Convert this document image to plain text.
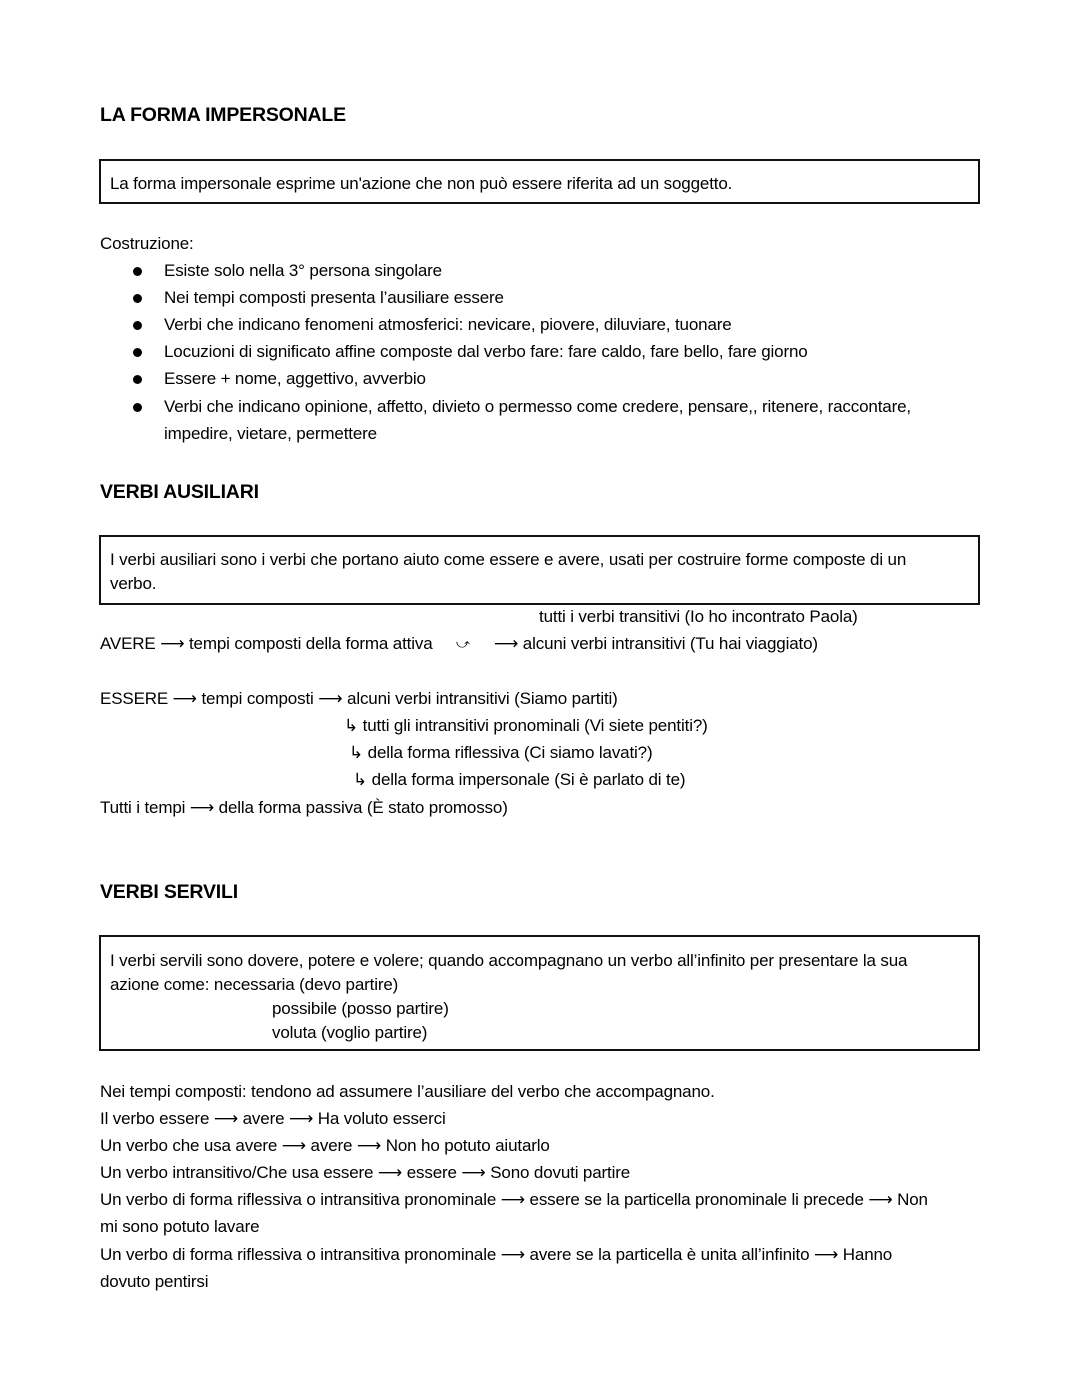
LA FORMA IMPERSONALE
La forma impersonale esprime un'azione che non può essere riferita ad un soggetto.
Costruzione:
Esiste solo nella 3° persona singolare
Nei tempi composti presenta l’ausiliare essere
Verbi che indicano fenomeni atmosferici: nevicare, piovere, diluviare, tuonare
Locuzioni di significato affine composte dal verbo fare: fare caldo, fare bello, fare giorno
Essere + nome, aggettivo, avverbio
Verbi che indicano opinione, affetto, divieto o permesso come credere, pensare,, ritenere, raccontare,
impedire, vietare, permettere
VERBI AUSILIARI
I verbi ausiliari sono i verbi che portano aiuto come essere e avere, usati per costruire forme composte di un
verbo.
tutti i verbi transitivi (Io ho incontrato Paola)
AVERE ⟶ tempi composti della forma attiva ⤻ ⟶ alcuni verbi intransitivi (Tu hai viaggiato)
ESSERE ⟶ tempi composti ⟶ alcuni verbi intransitivi (Siamo partiti)
↳ tutti gli intransitivi pronominali (Vi siete pentiti?)
↳ della forma riflessiva (Ci siamo lavati?)
↳ della forma impersonale (Si è parlato di te)
Tutti i tempi ⟶ della forma passiva (È stato promosso)
VERBI SERVILI
I verbi servili sono dovere, potere e volere; quando accompagnano un verbo all’infinito per presentare la sua
azione come: necessaria (devo partire)
possibile (posso partire)
voluta (voglio partire)
Nei tempi composti: tendono ad assumere l’ausiliare del verbo che accompagnano.
Il verbo essere ⟶ avere ⟶ Ha voluto esserci
Un verbo che usa avere ⟶ avere ⟶ Non ho potuto aiutarlo
Un verbo intransitivo/Che usa essere ⟶ essere ⟶ Sono dovuti partire
Un verbo di forma riflessiva o intransitiva pronominale ⟶ essere se la particella pronominale li precede ⟶ Non
mi sono potuto lavare
Un verbo di forma riflessiva o intransitiva pronominale ⟶ avere se la particella è unita all’infinito ⟶ Hanno
dovuto pentirsi
